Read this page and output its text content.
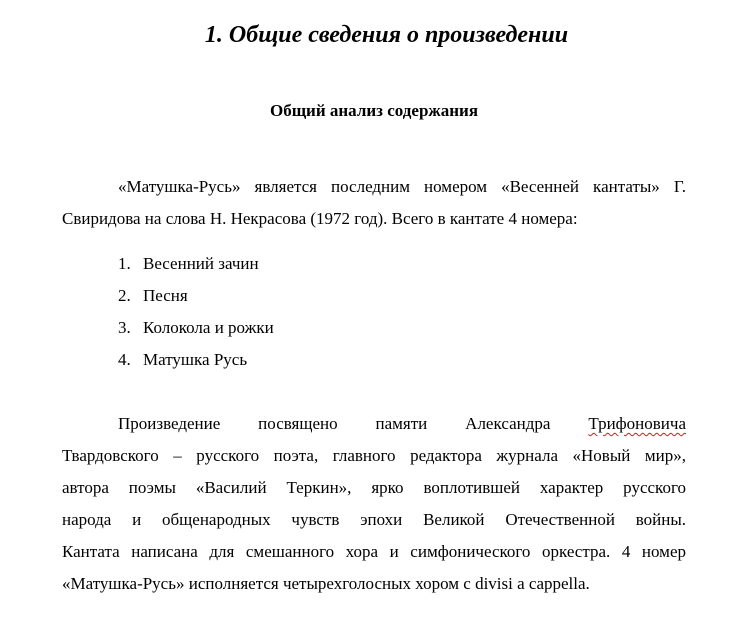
1. Общие сведения о произведении
Общий анализ содержания
«Матушка-Русь» является последним номером «Весенней кантаты» Г.
Свиридова на слова Н. Некрасова (1972 год). Всего в кантате 4 номера:
1. Весенний зачин
2. Песня
3. Колокола и рожки
4. Матушка Русь
Произведение посвящено памяти Александра Трифоновича
Твардовского – русского поэта, главного редактора журнала «Новый мир»,
автора поэмы «Василий Теркин», ярко воплотившей характер русского
народа и общенародных чувств эпохи Великой Отечественной войны.
Кантата написана для смешанного хора и симфонического оркестра. 4 номер
«Матушка-Русь» исполняется четырехголосных хором с divisi a cappella.
